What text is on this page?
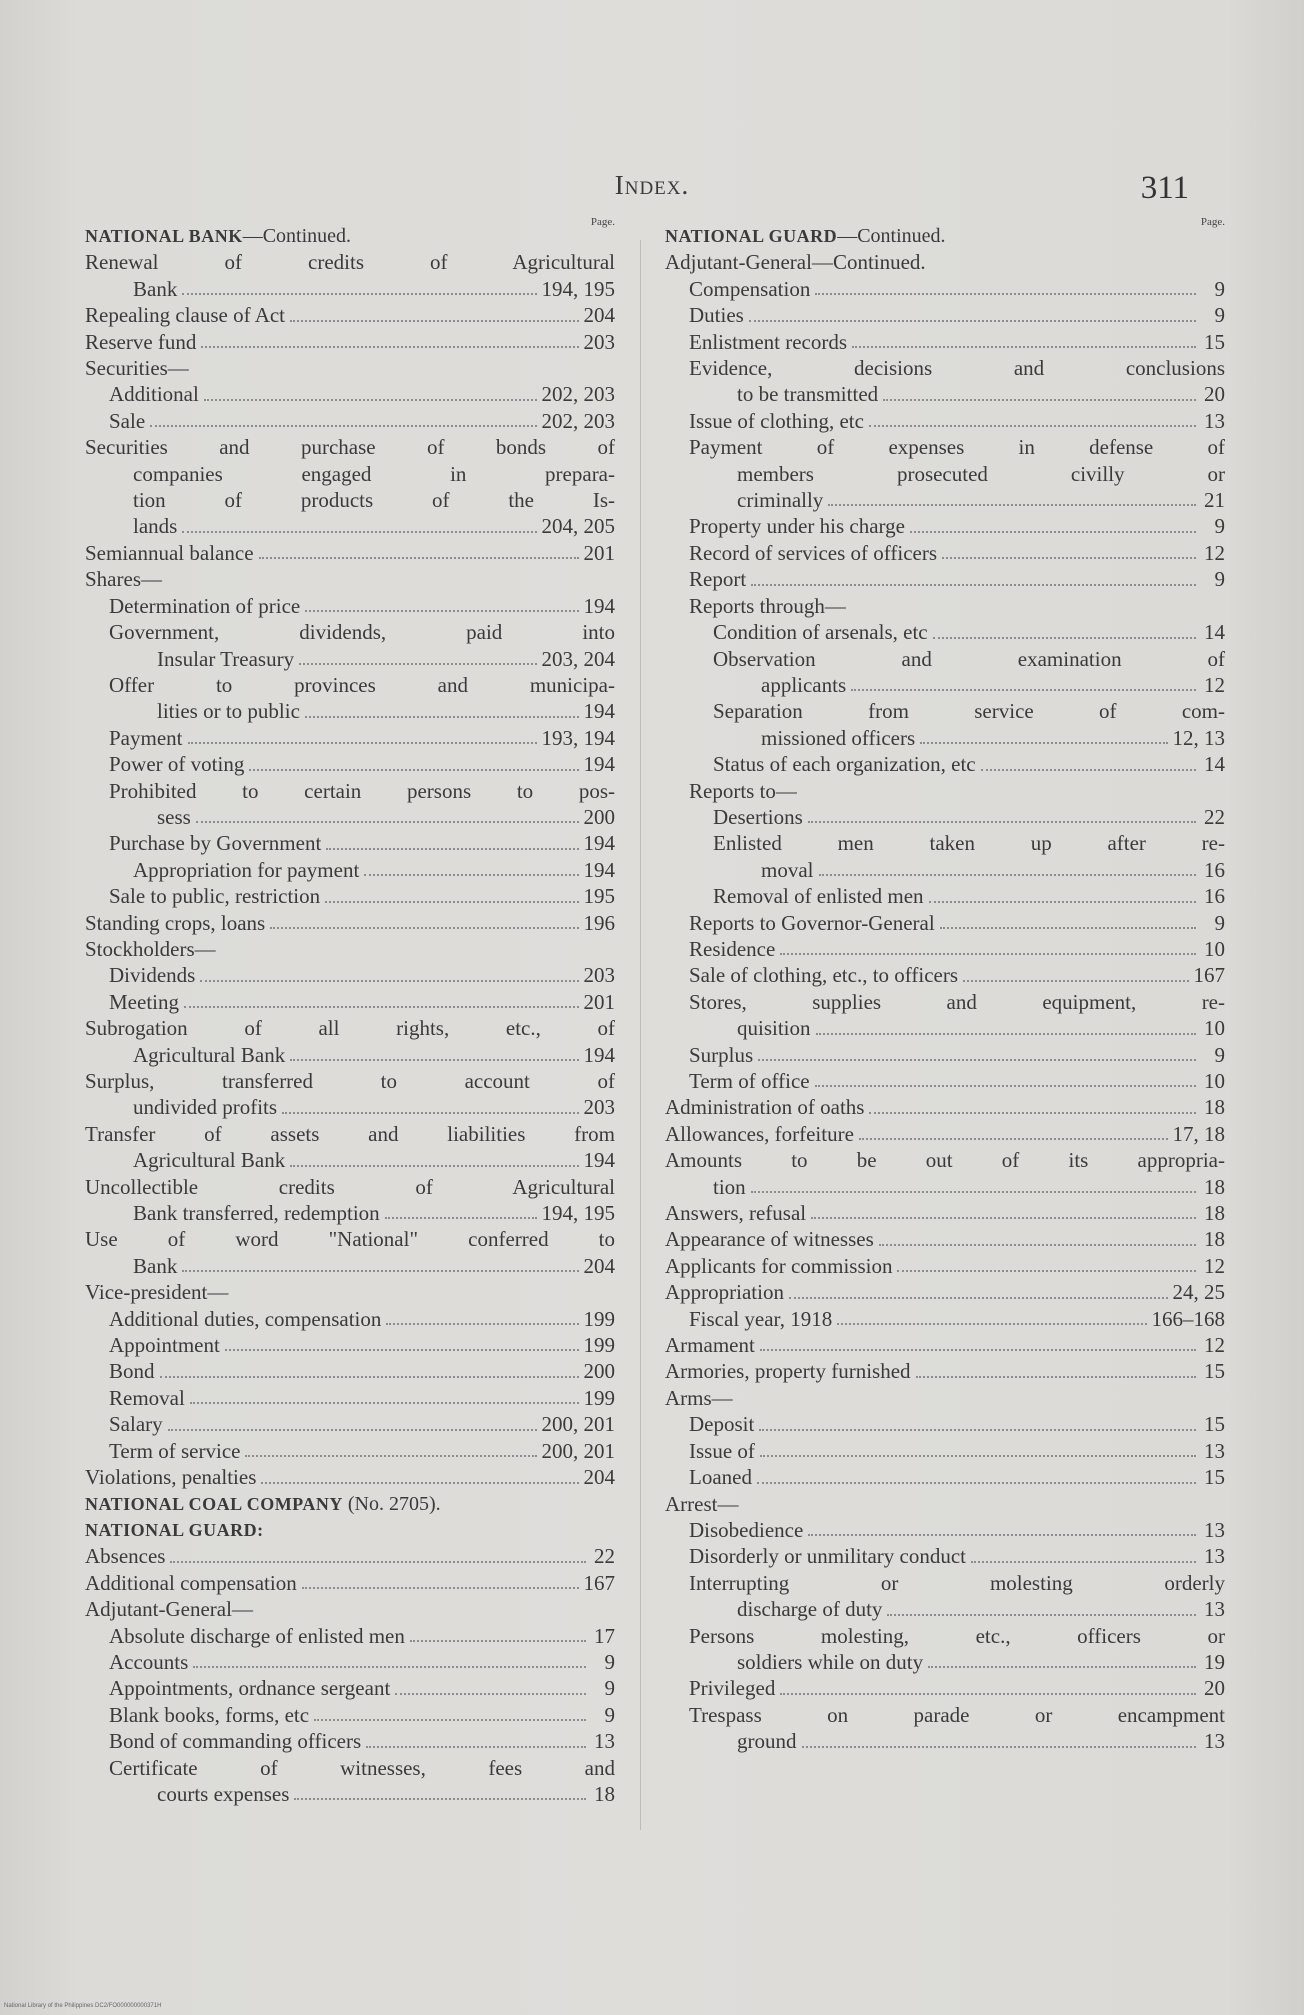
Index.	311
Page.
NATIONAL BANK—Continued.
Renewal of credits of Agricultural
Bank	194, 195
Repealing clause of Act	204
Reserve fund	203
Securities—
Additional	202, 203
Sale	202, 203
Securities and purchase of bonds of
companies engaged in prepara-
tion of products of the Is-
lands	204, 205
Semiannual balance	201
Shares—
Determination of price	194
Government, dividends, paid into
Insular Treasury	203, 204
Offer to provinces and municipa-
lities or to public	194
Payment	193, 194
Power of voting	194
Prohibited to certain persons to pos-
sess	200
Purchase by Government	194
Appropriation for payment	194
Sale to public, restriction	195
Standing crops, loans	196
Stockholders—
Dividends	203
Meeting	201
Subrogation of all rights, etc., of
Agricultural Bank	194
Surplus, transferred to account of
undivided profits	203
Transfer of assets and liabilities from
Agricultural Bank	194
Uncollectible credits of Agricultural
Bank transferred, redemption	194, 195
Use of word "National" conferred to
Bank	204
Vice-president—
Additional duties, compensation	199
Appointment	199
Bond	200
Removal	199
Salary	200, 201
Term of service	200, 201
Violations, penalties	204
NATIONAL COAL COMPANY (No. 2705).
NATIONAL GUARD:
Absences	22
Additional compensation	167
Adjutant-General—
Absolute discharge of enlisted men	17
Accounts	9
Appointments, ordnance sergeant	9
Blank books, forms, etc	9
Bond of commanding officers	13
Certificate of witnesses, fees and
courts expenses	18
Page.
NATIONAL GUARD—Continued.
Adjutant-General—Continued.
Compensation	9
Duties	9
Enlistment records	15
Evidence, decisions and conclusions
to be transmitted	20
Issue of clothing, etc	13
Payment of expenses in defense of
members prosecuted civilly or
criminally	21
Property under his charge	9
Record of services of officers	12
Report	9
Reports through—
Condition of arsenals, etc	14
Observation and examination of
applicants	12
Separation from service of com-
missioned officers	12, 13
Status of each organization, etc	14
Reports to—
Desertions	22
Enlisted men taken up after re-
moval	16
Removal of enlisted men	16
Reports to Governor-General	9
Residence	10
Sale of clothing, etc., to officers	167
Stores, supplies and equipment, re-
quisition	10
Surplus	9
Term of office	10
Administration of oaths	18
Allowances, forfeiture	17, 18
Amounts to be out of its appropria-
tion	18
Answers, refusal	18
Appearance of witnesses	18
Applicants for commission	12
Appropriation	24, 25
Fiscal year, 1918	166–168
Armament	12
Armories, property furnished	15
Arms—
Deposit	15
Issue of	13
Loaned	15
Arrest—
Disobedience	13
Disorderly or unmilitary conduct	13
Interrupting or molesting orderly
discharge of duty	13
Persons molesting, etc., officers or
soldiers while on duty	19
Privileged	20
Trespass on parade or encampment
ground	13
National Library of the Philippines DC2/FO000000000371H
